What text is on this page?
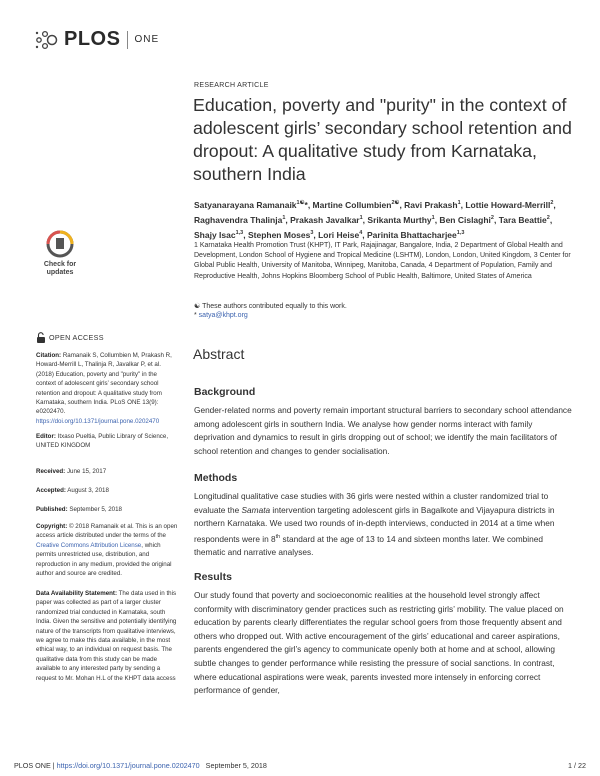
PLOS ONE
Check for
updates
RESEARCH ARTICLE
Education, poverty and "purity" in the context of adolescent girls’ secondary school retention and dropout: A qualitative study from Karnataka, southern India
Satyanarayana Ramanaik$^{1☯}$*, Martine Collumbien$^{2☯}$, Ravi Prakash$^1$, Lottie Howard-Merrill$^2$, Raghavendra Thalinja$^1$, Prakash Javalkar$^1$, Srikanta Murthy$^1$, Ben Cislaghi$^2$, Tara Beattie$^2$, Shajy Isac$^{1,3}$, Stephen Moses$^3$, Lori Heise$^4$, Parinita Bhattacharjee$^{1,3}$
1 Karnataka Health Promotion Trust (KHPT), IT Park, Rajajinagar, Bangalore, India, 2 Department of Global Health and Development, London School of Hygiene and Tropical Medicine (LSHTM), London, London, United Kingdom, 3 Center for Global Public Health, University of Manitoba, Winnipeg, Manitoba, Canada, 4 Department of Population, Family and Reproductive Health, Johns Hopkins Bloomberg School of Public Health, Baltimore, United States of America
☯ These authors contributed equally to this work.
* satya@khpt.org
OPEN ACCESS
Citation: Ramanaik S, Collumbien M, Prakash R, Howard-Merrill L, Thalinja R, Javalkar P, et al. (2018) Education, poverty and "purity" in the context of adolescent girls’ secondary school retention and dropout: A qualitative study from Karnataka, southern India. PLoS ONE 13(9): e0202470. https://doi.org/10.1371/journal.pone.0202470
Editor: Itxaso Pueltia, Public Library of Science, UNITED KINGDOM
Received: June 15, 2017
Accepted: August 3, 2018
Published: September 5, 2018
Copyright: © 2018 Ramanaik et al. This is an open access article distributed under the terms of the Creative Commons Attribution License, which permits unrestricted use, distribution, and reproduction in any medium, provided the original author and source are credited.
Data Availability Statement: The data used in this paper was collected as part of a larger cluster randomized trial conducted in Karnataka, south India. Given the sensitive and potentially identifying nature of the transcripts from qualitative interviews, we agree to make this data available, in the most ethical way, to an individual on request basis. The qualitative data from this study can be made available to any interested party by sending a request to Mr. Mohan H.L of the KHPT data access
Abstract
Background
Gender-related norms and poverty remain important structural barriers to secondary school attendance among adolescent girls in southern India. We analyse how gender norms interact with family deprivation and dynamics to result in girls dropping out of school; we identify the main facilitators of school retention and changes to gender socialisation.
Methods
Longitudinal qualitative case studies with 36 girls were nested within a cluster randomized trial to evaluate the Samata intervention targeting adolescent girls in Bagalkote and Vijayapura districts in northern Karnataka. We used two rounds of in-depth interviews, conducted in 2014 at a time when respondents were in 8th standard at the age of 13 to 14 and sixteen months later. We combined thematic and narrative analyses.
Results
Our study found that poverty and socioeconomic realities at the household level strongly affect conformity with discriminatory gender practices such as restricting girls’ mobility. The value placed on education by parents clearly differentiates the regular school goers from those frequently absent and others who dropped out. With active encouragement of the girls’ educational and career aspirations, parents engendered the girl’s agency to communicate openly both at home and at school, allowing subtle changes to gender performance while resisting the pressure of social sanctions. In contrast, where educational aspirations were weak, parents invested more intensely in enforcing correct performance of gender,
PLOS ONE | https://doi.org/10.1371/journal.pone.0202470   September 5, 2018	1 / 22
